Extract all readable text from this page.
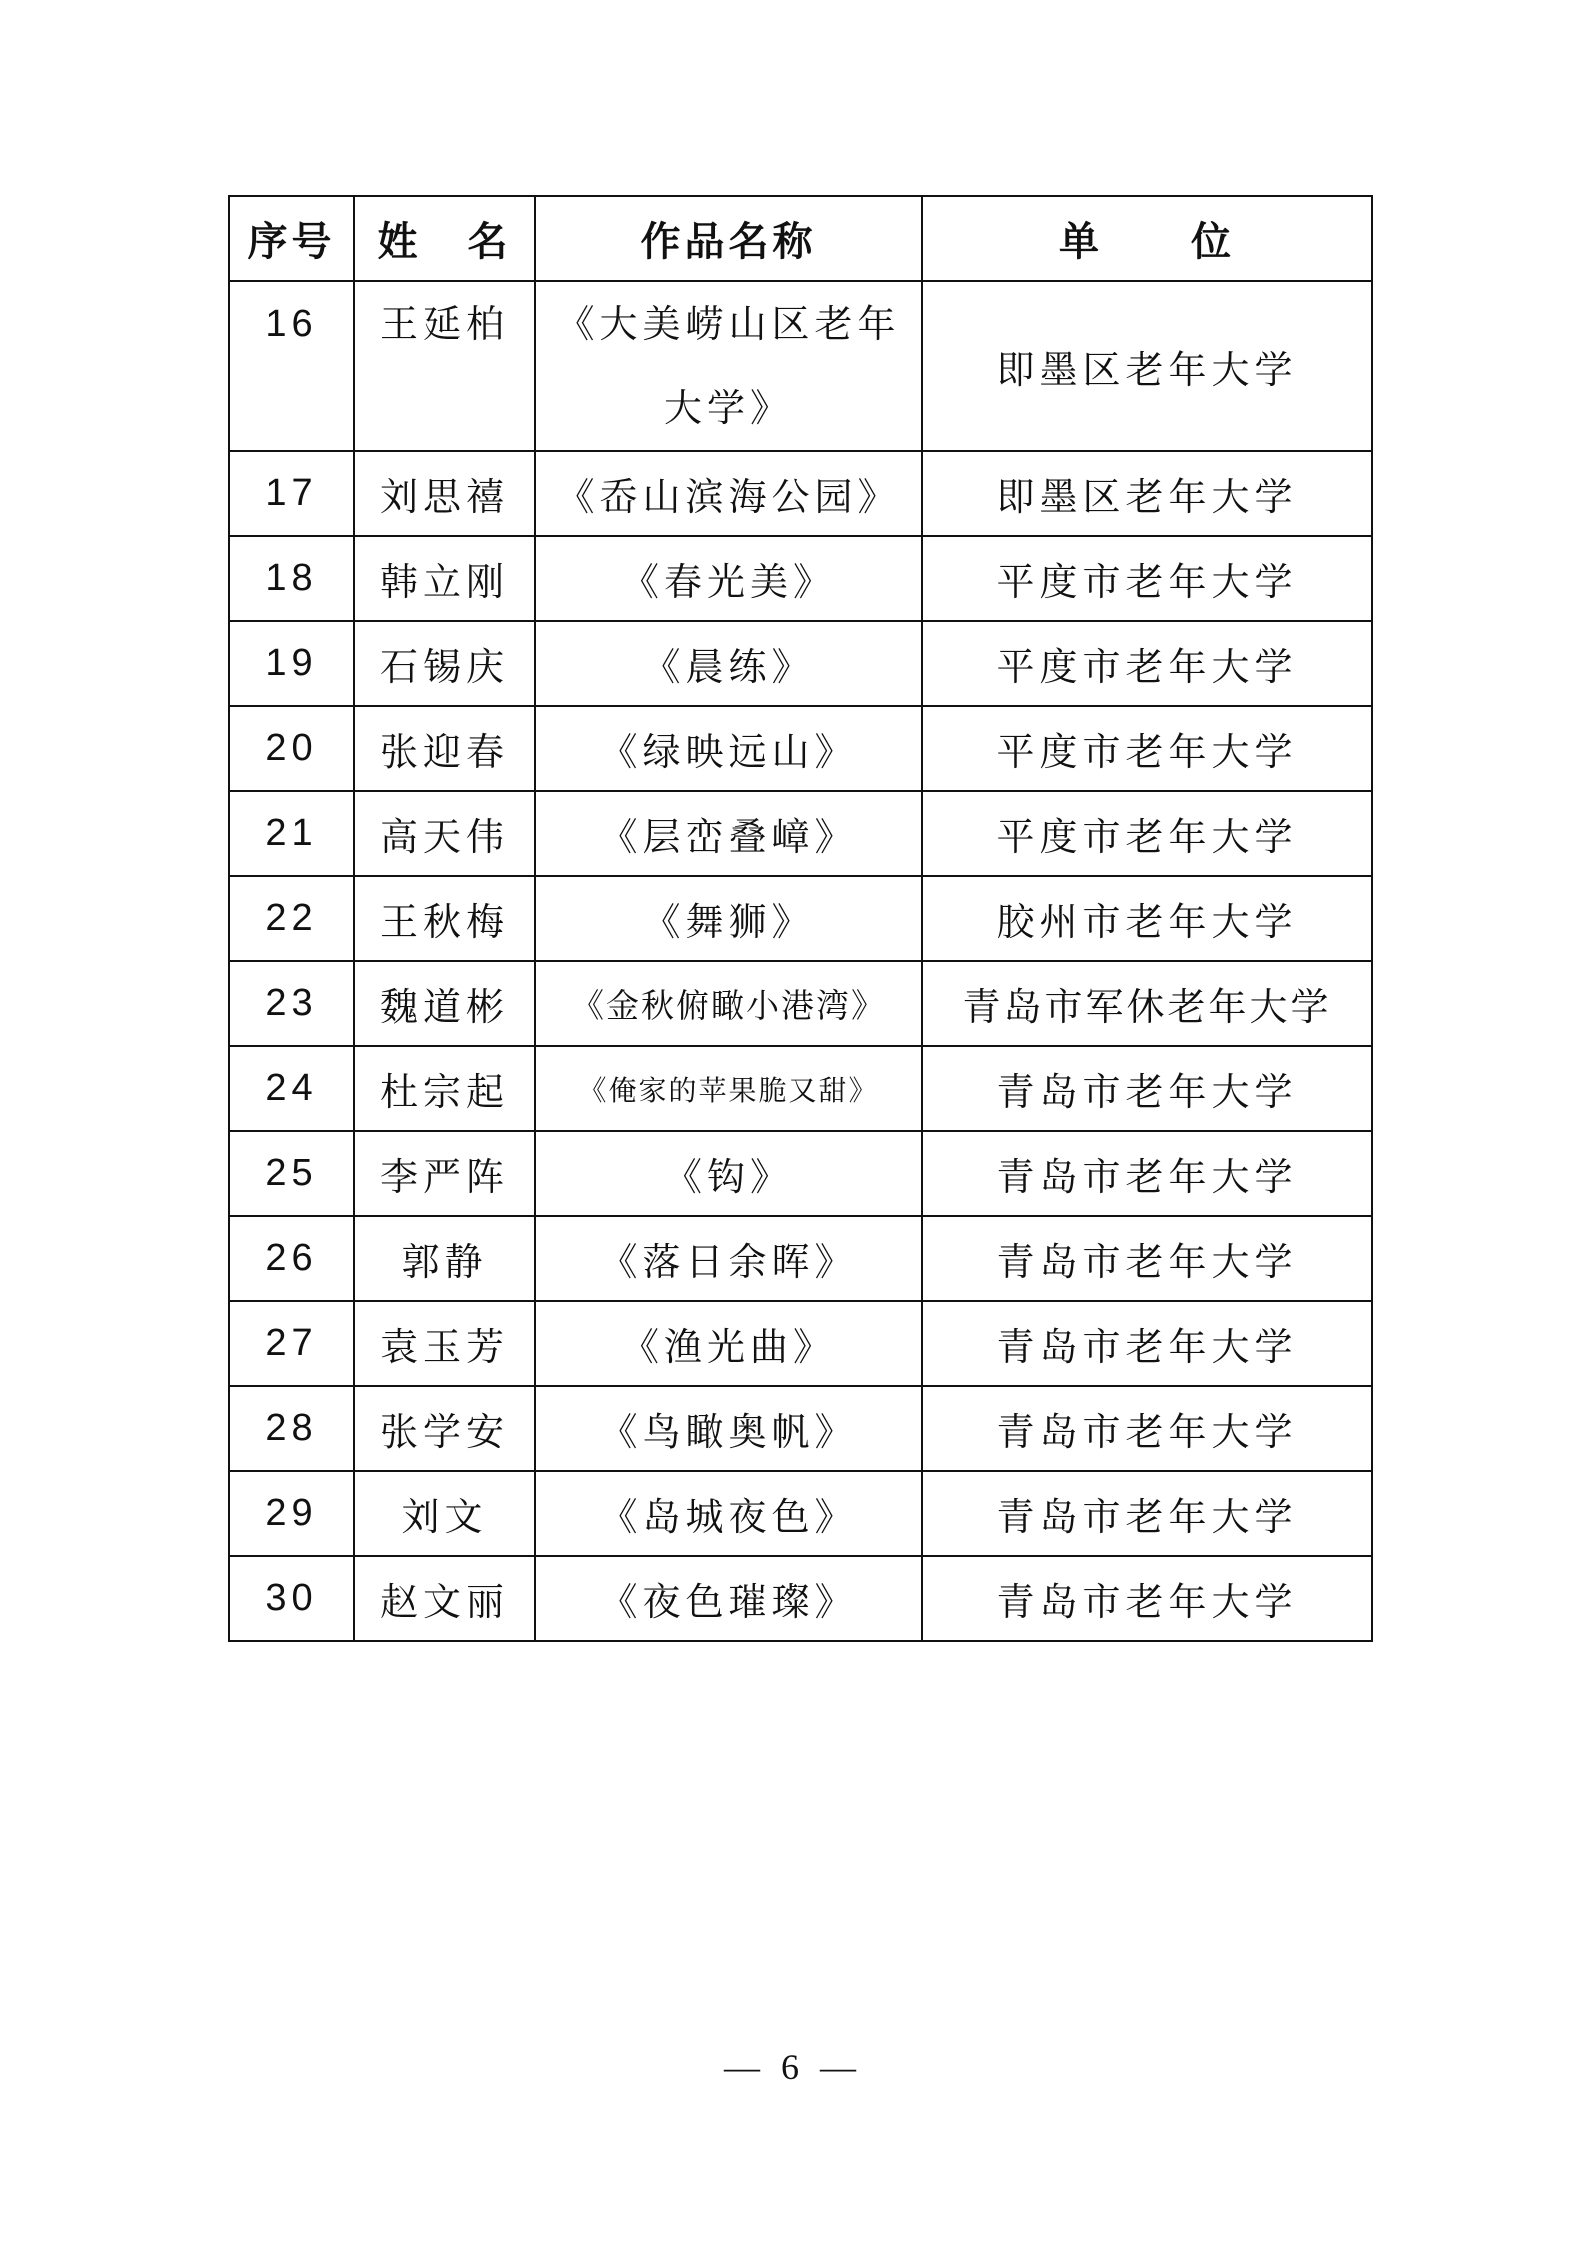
序号	姓 名	作品名称	单 位
16	王延柏	《大美崂山区老年大学》	即墨区老年大学
17	刘思禧	《岙山滨海公园》	即墨区老年大学
18	韩立刚	《春光美》	平度市老年大学
19	石锡庆	《晨练》	平度市老年大学
20	张迎春	《绿映远山》	平度市老年大学
21	高天伟	《层峦叠嶂》	平度市老年大学
22	王秋梅	《舞狮》	胶州市老年大学
23	魏道彬	《金秋俯瞰小港湾》	青岛市军休老年大学
24	杜宗起	《俺家的苹果脆又甜》	青岛市老年大学
25	李严阵	《钩》	青岛市老年大学
26	郭静	《落日余晖》	青岛市老年大学
27	袁玉芳	《渔光曲》	青岛市老年大学
28	张学安	《鸟瞰奥帆》	青岛市老年大学
29	刘文	《岛城夜色》	青岛市老年大学
30	赵文丽	《夜色璀璨》	青岛市老年大学
— 6 —
